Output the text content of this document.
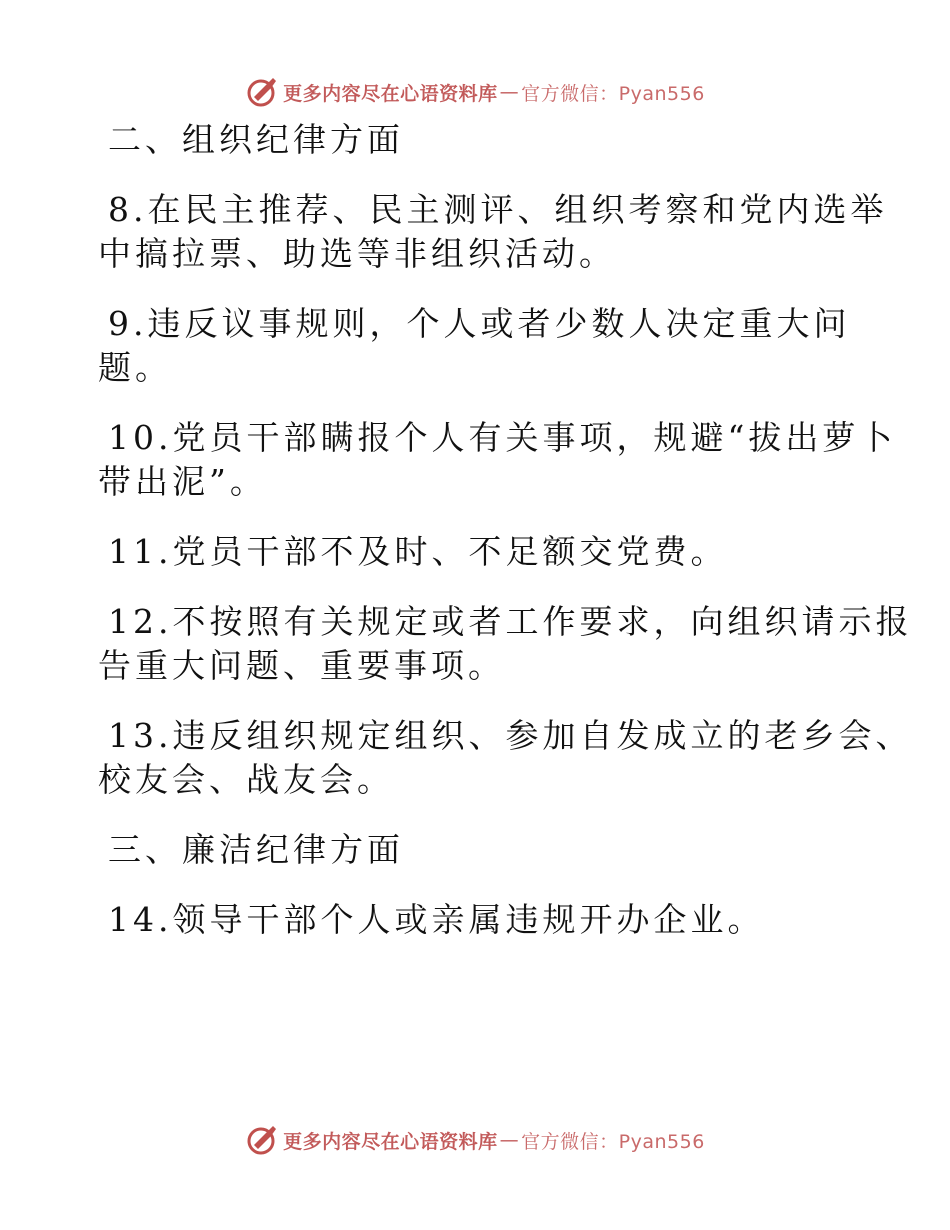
更多内容尽在心语资料库 — 官方微信：Pyan556
二、组织纪律方面
8.在民主推荐、民主测评、组织考察和党内选举
中搞拉票、助选等非组织活动。
9.违反议事规则，个人或者少数人决定重大问
题。
10.党员干部瞒报个人有关事项，规避“拔出萝卜
带出泥”。
11.党员干部不及时、不足额交党费。
12.不按照有关规定或者工作要求，向组织请示报
告重大问题、重要事项。
13.违反组织规定组织、参加自发成立的老乡会、
校友会、战友会。
三、廉洁纪律方面
14.领导干部个人或亲属违规开办企业。
更多内容尽在心语资料库 — 官方微信：Pyan556
